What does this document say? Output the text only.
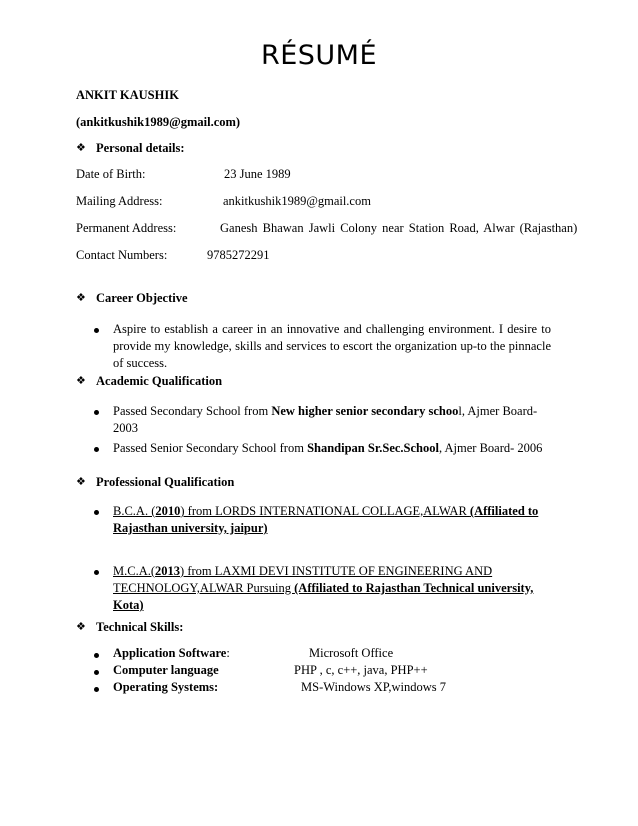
RÉSUMÉ
ANKIT KAUSHIK
(ankitkushik1989@gmail.com)
❖ Personal details:
Date of Birth:	23 June 1989
Mailing Address:	ankitkushik1989@gmail.com
Permanent Address:	Ganesh Bhawan Jawli Colony near Station Road, Alwar (Rajasthan)
Contact Numbers:	9785272291
❖ Career Objective
Aspire to establish a career in an innovative and challenging environment. I desire to provide my knowledge, skills and services to escort the organization up-to the pinnacle of success.
❖ Academic Qualification
Passed Secondary School from New higher senior secondary school, Ajmer Board-
2003
Passed Senior Secondary School from Shandipan Sr.Sec.School, Ajmer Board- 2006
❖ Professional Qualification
B.C.A. (2010) from LORDS INTERNATIONAL COLLAGE,ALWAR (Affiliated to Rajasthan university, jaipur)
M.C.A.(2013) from LAXMI DEVI INSTITUTE OF ENGINEERING AND TECHNOLOGY,ALWAR Pursuing (Affiliated to Rajasthan Technical university, Kota)
❖ Technical Skills:
Application Software:	Microsoft Office
Computer language	PHP , c, c++, java, PHP++
Operating Systems:	MS-Windows XP,windows 7
